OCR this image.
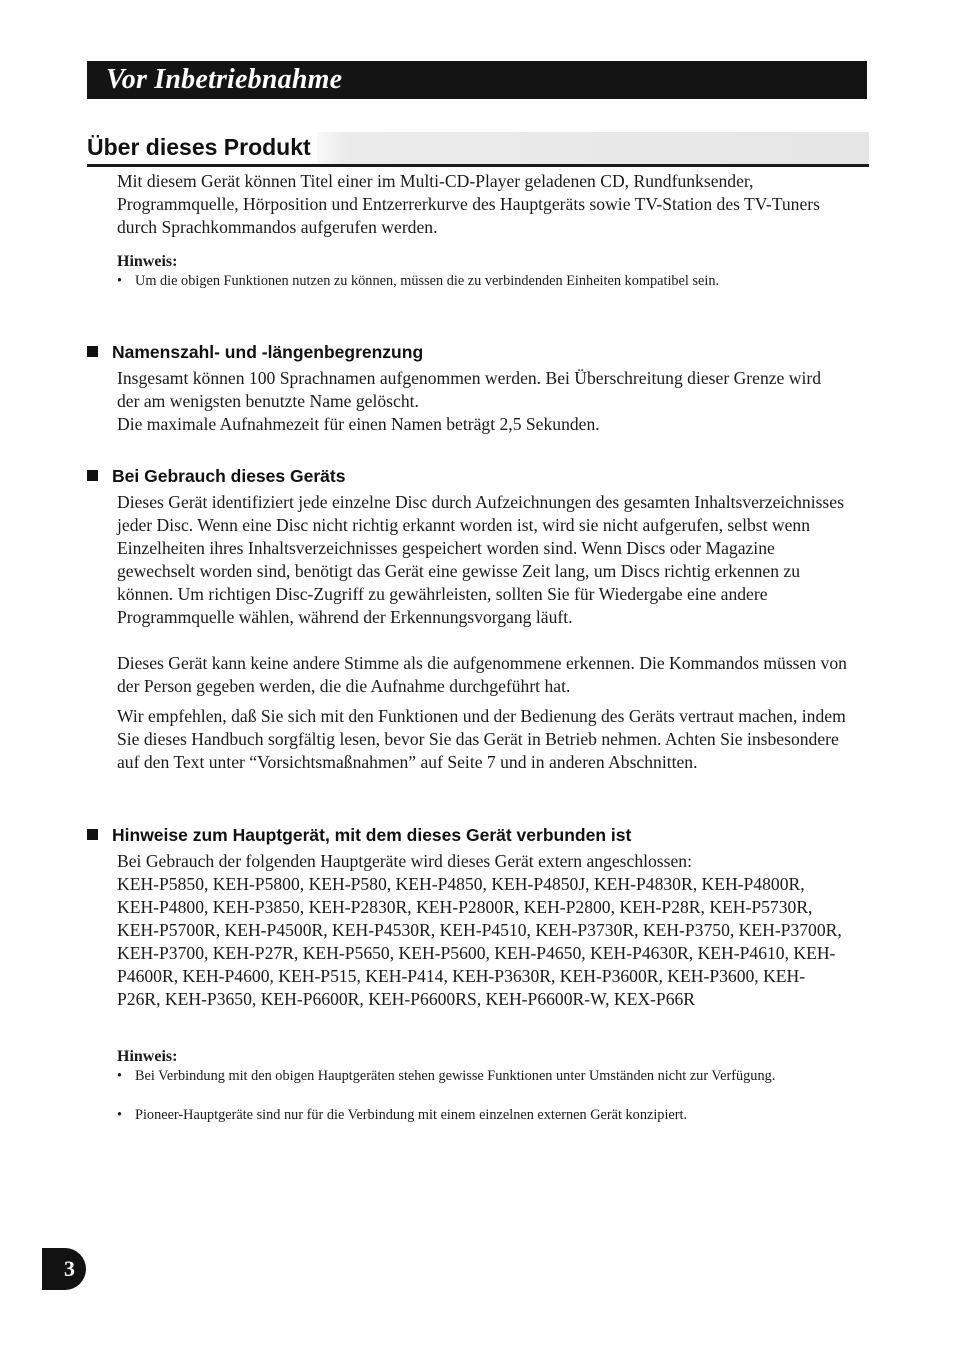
Vor Inbetriebnahme
Über dieses Produkt

Mit diesem Gerät können Titel einer im Multi-CD-Player geladenen CD, Rundfunksender, Programmquelle, Hörposition und Entzerrerkurve des Hauptgeräts sowie TV-Station des TV-Tuners durch Sprachkommandos aufgerufen werden.

Hinweis:

• Um die obigen Funktionen nutzen zu können, müssen die zu verbindenden Einheiten kompatibel sein.

Namenszahl- und -längenbegrenzung

Insgesamt können 100 Sprachnamen aufgenommen werden. Bei Überschreitung dieser Grenze wird der am wenigsten benutzte Name gelöscht.

Die maximale Aufnahmezeit für einen Namen beträgt 2,5 Sekunden.

Bei Gebrauch dieses Geräts

Dieses Gerät identifiziert jede einzelne Disc durch Aufzeichnungen des gesamten Inhaltsverzeichnisses jeder Disc. Wenn eine Disc nicht richtig erkannt worden ist, wird sie nicht aufgerufen, selbst wenn Einzelheiten ihres Inhaltsverzeichnisses gespeichert worden sind. Wenn Discs oder Magazine gewechselt worden sind, benötigt das Gerät eine gewisse Zeit lang, um Discs richtig erkennen zu können. Um richtigen Disc-Zugriff zu gewährleisten, sollten Sie für Wiedergabe eine andere Programmquelle wählen, während der Erkennungsvorgang läuft.

Dieses Gerät kann keine andere Stimme als die aufgenommene erkennen. Die Kommandos müssen von der Person gegeben werden, die die Aufnahme durchgeführt hat.

Wir empfehlen, daß Sie sich mit den Funktionen und der Bedienung des Geräts vertraut machen, indem Sie dieses Handbuch sorgfältig lesen, bevor Sie das Gerät in Betrieb nehmen. Achten Sie insbesondere auf den Text unter “Vorsichtsmaßnahmen” auf Seite 7 und in anderen Abschnitten.

Hinweise zum Hauptgerät, mit dem dieses Gerät verbunden ist

Bei Gebrauch der folgenden Hauptgeräte wird dieses Gerät extern angeschlossen:

KEH-P5850, KEH-P5800, KEH-P580, KEH-P4850, KEH-P4850J, KEH-P4830R, KEH-P4800R, KEH-P4800, KEH-P3850, KEH-P2830R, KEH-P2800R, KEH-P2800, KEH-P28R, KEH-P5730R, KEH-P5700R, KEH-P4500R, KEH-P4530R, KEH-P4510, KEH-P3730R, KEH-P3750, KEH-P3700R, KEH-P3700, KEH-P27R, KEH-P5650, KEH-P5600, KEH-P4650, KEH-P4630R, KEH-P4610, KEH-P4600R, KEH-P4600, KEH-P515, KEH-P414, KEH-P3630R, KEH-P3600R, KEH-P3600, KEH-P26R, KEH-P3650, KEH-P6600R, KEH-P6600RS, KEH-P6600R-W, KEX-P66R

Hinweis:

• Bei Verbindung mit den obigen Hauptgeräten stehen gewisse Funktionen unter Umständen nicht zur Verfügung.

• Pioneer-Hauptgeräte sind nur für die Verbindung mit einem einzelnen externen Gerät konzipiert.

3
